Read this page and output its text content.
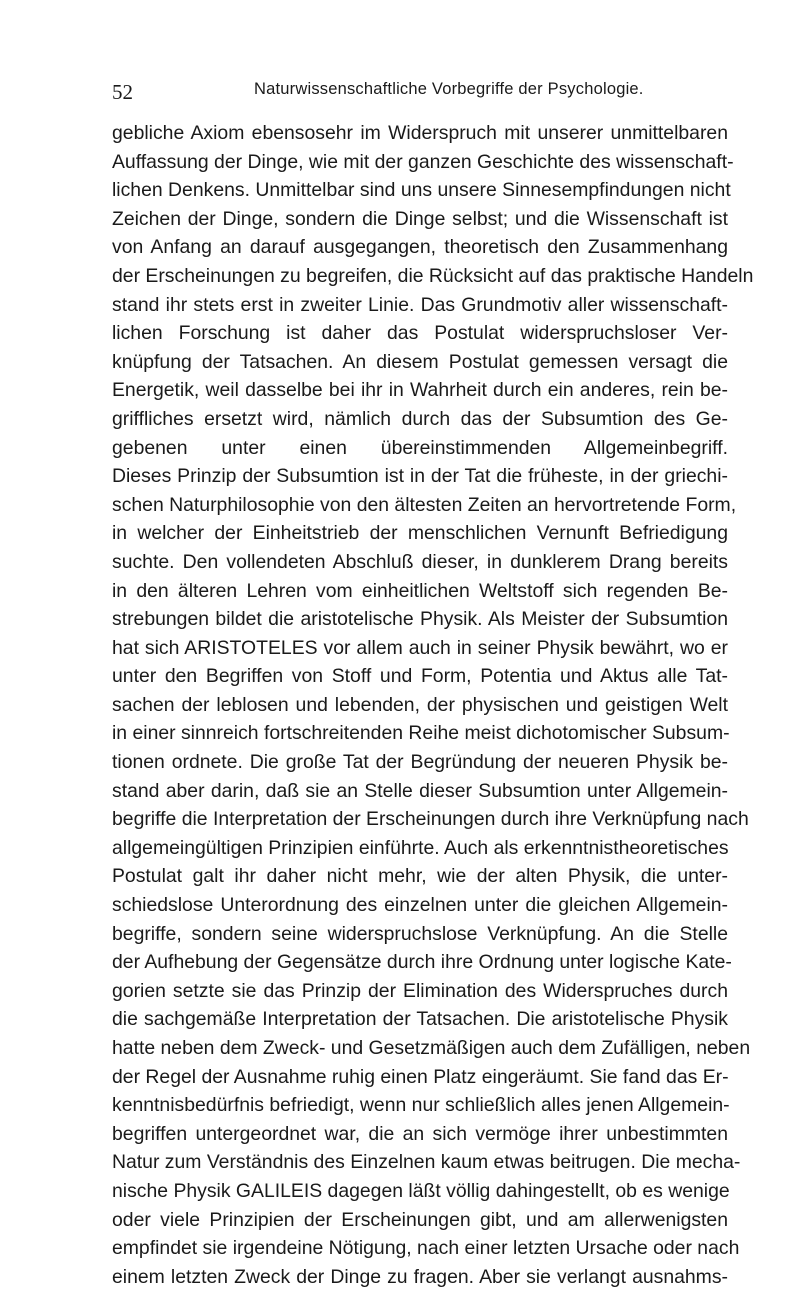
52	Naturwissenschaftliche Vorbegriffe der Psychologie.
gebliche Axiom ebensosehr im Widerspruch mit unserer unmittelbaren
Auffassung der Dinge, wie mit der ganzen Geschichte des wissenschaft-
lichen Denkens. Unmittelbar sind uns unsere Sinnesempfindungen nicht
Zeichen der Dinge, sondern die Dinge selbst; und die Wissenschaft ist
von Anfang an darauf ausgegangen, theoretisch den Zusammenhang
der Erscheinungen zu begreifen, die Rücksicht auf das praktische Handeln
stand ihr stets erst in zweiter Linie. Das Grundmotiv aller wissenschaft-
lichen Forschung ist daher das Postulat widerspruchsloser Ver-
knüpfung der Tatsachen. An diesem Postulat gemessen versagt die
Energetik, weil dasselbe bei ihr in Wahrheit durch ein anderes, rein be-
griffliches ersetzt wird, nämlich durch das der Subsumtion des Ge-
gebenen unter einen übereinstimmenden Allgemeinbegriff.
Dieses Prinzip der Subsumtion ist in der Tat die früheste, in der griechi-
schen Naturphilosophie von den ältesten Zeiten an hervortretende Form,
in welcher der Einheitstrieb der menschlichen Vernunft Befriedigung
suchte. Den vollendeten Abschluß dieser, in dunklerem Drang bereits
in den älteren Lehren vom einheitlichen Weltstoff sich regenden Be-
strebungen bildet die aristotelische Physik. Als Meister der Subsumtion
hat sich ARISTOTELES vor allem auch in seiner Physik bewährt, wo er
unter den Begriffen von Stoff und Form, Potentia und Aktus alle Tat-
sachen der leblosen und lebenden, der physischen und geistigen Welt
in einer sinnreich fortschreitenden Reihe meist dichotomischer Subsum-
tionen ordnete. Die große Tat der Begründung der neueren Physik be-
stand aber darin, daß sie an Stelle dieser Subsumtion unter Allgemein-
begriffe die Interpretation der Erscheinungen durch ihre Verknüpfung nach
allgemeingültigen Prinzipien einführte. Auch als erkenntnistheoretisches
Postulat galt ihr daher nicht mehr, wie der alten Physik, die unter-
schiedslose Unterordnung des einzelnen unter die gleichen Allgemein-
begriffe, sondern seine widerspruchslose Verknüpfung. An die Stelle
der Aufhebung der Gegensätze durch ihre Ordnung unter logische Kate-
gorien setzte sie das Prinzip der Elimination des Widerspruches durch
die sachgemäße Interpretation der Tatsachen. Die aristotelische Physik
hatte neben dem Zweck- und Gesetzmäßigen auch dem Zufälligen, neben
der Regel der Ausnahme ruhig einen Platz eingeräumt. Sie fand das Er-
kenntnisbedürfnis befriedigt, wenn nur schließlich alles jenen Allgemein-
begriffen untergeordnet war, die an sich vermöge ihrer unbestimmten
Natur zum Verständnis des Einzelnen kaum etwas beitrugen. Die mecha-
nische Physik GALILEIS dagegen läßt völlig dahingestellt, ob es wenige
oder viele Prinzipien der Erscheinungen gibt, und am allerwenigsten
empfindet sie irgendeine Nötigung, nach einer letzten Ursache oder nach
einem letzten Zweck der Dinge zu fragen. Aber sie verlangt ausnahms-
